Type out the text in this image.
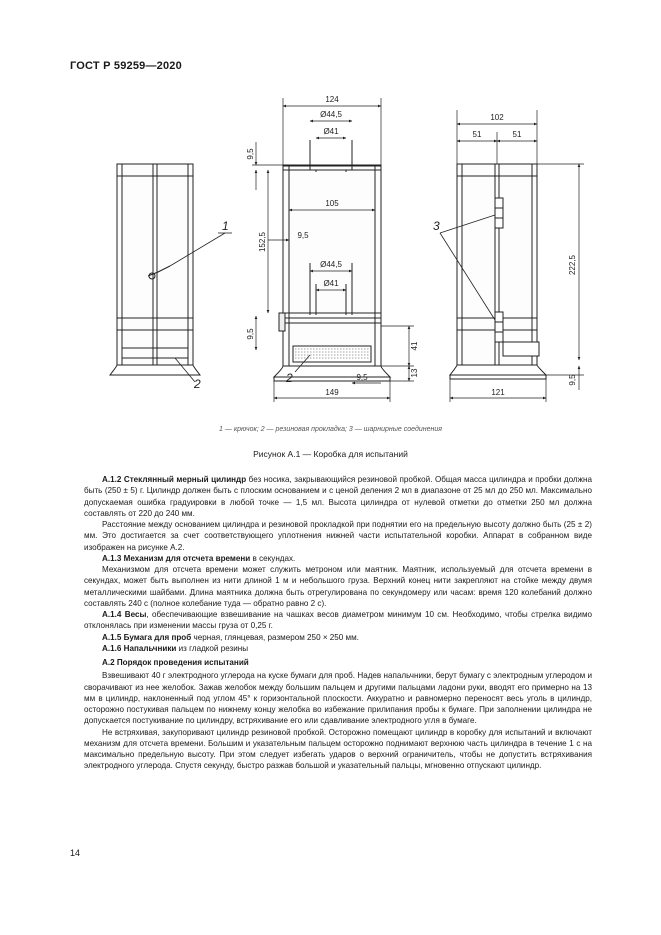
ГОСТ Р 59259—2020
124
Ø44,5
Ø41
105
9,5
Ø44,5
Ø41
9,5
149
102
51	51
121
9,5
152,5
9,5
41
13
222,5
9,5
1
2	2
3
1 — крючок; 2 — резиновая прокладка; 3 — шарнирные соединения
Рисунок А.1 — Коробка для испытаний

А.1.2 Стеклянный мерный цилиндр без носика, закрывающийся резиновой пробкой. Общая масса цилиндра и пробки должна быть (250 ± 5) г. Цилиндр должен быть с плоским основанием и с ценой деления 2 мл в диапазоне от 25 мл до 250 мл. Максимально допускаемая ошибка градуировки в любой точке — 1,5 мл. Высота цилиндра от нулевой отметки до отметки 250 мл должна составлять от 220 до 240 мм.

Расстояние между основанием цилиндра и резиновой прокладкой при поднятии его на предельную высоту должно быть (25 ± 2) мм. Это достигается за счет соответствующего уплотнения нижней части испытательной коробки. Аппарат в собранном виде изображен на рисунке А.2.

А.1.3 Механизм для отсчета времени в секундах.

Механизмом для отсчета времени может служить метроном или маятник. Маятник, используемый для отсчета времени в секундах, может быть выполнен из нити длиной 1 м и небольшого груза. Верхний конец нити закрепляют на стойке между двумя металлическими шайбами. Длина маятника должна быть отрегулирована по секундомеру или часам: время 120 колебаний должно составлять 240 с (полное колебание туда — обратно равно 2 с).

А.1.4 Весы, обеспечивающие взвешивание на чашках весов диаметром минимум 10 см. Необходимо, чтобы стрелка видимо отклонялась при изменении массы груза от 0,25 г.

А.1.5 Бумага для проб черная, глянцевая, размером 250 × 250 мм.

А.1.6 Напальчники из гладкой резины

А.2 Порядок проведения испытаний

Взвешивают 40 г электродного углерода на куске бумаги для проб. Надев напальчники, берут бумагу с электродным углеродом и сворачивают из нее желобок. Зажав желобок между большим пальцем и другими пальцами ладони руки, вводят его примерно на 13 мм в цилиндр, наклоненный под углом 45° к горизонтальной плоскости. Аккуратно и равномерно переносят весь уголь в цилиндр, осторожно постукивая пальцем по нижнему концу желобка во избежание прилипания пробы к бумаге. При заполнении цилиндра не допускается постукивание по цилиндру, встряхивание его или сдавливание электродного угля в бумаге.

Не встряхивая, закупоривают цилиндр резиновой пробкой. Осторожно помещают цилиндр в коробку для испытаний и включают механизм для отсчета времени. Большим и указательным пальцем осторожно поднимают верхнюю часть цилиндра в течение 1 с на максимально предельную высоту. При этом следует избегать ударов о верхний ограничитель, чтобы не допустить встряхивания электродного углерода. Спустя секунду, быстро разжав большой и указательный пальцы, мгновенно отпускают цилиндр.

14
